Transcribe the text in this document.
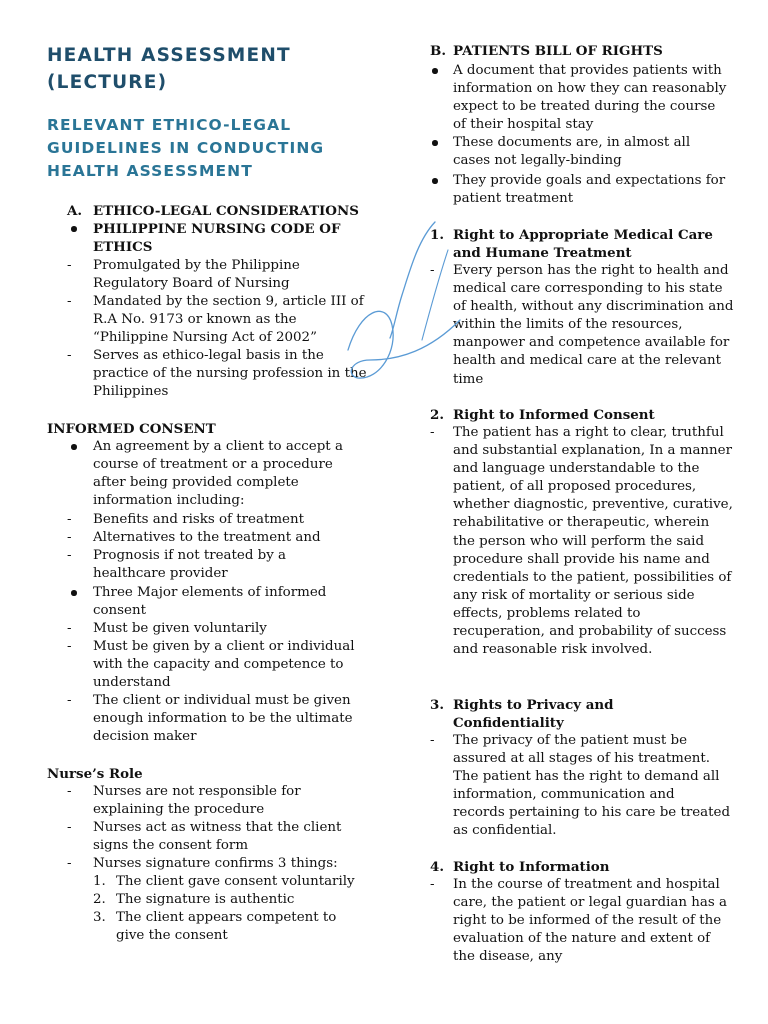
HEALTH ASSESSMENT (LECTURE)
RELEVANT ETHICO-LEGAL GUIDELINES IN CONDUCTING HEALTH ASSESSMENT
A. ETHICO-LEGAL CONSIDERATIONS
PHILIPPINE NURSING CODE OF ETHICS
- Promulgated by the Philippine Regulatory Board of Nursing
- Mandated by the section 9, article III of R.A No. 9173 or known as the “Philippine Nursing Act of 2002”
- Serves as ethico-legal basis in the practice of the nursing profession in the Philippines
INFORMED CONSENT
An agreement by a client to accept a course of treatment or a procedure after being provided complete information including:
- Benefits and risks of treatment
- Alternatives to the treatment and
- Prognosis if not treated by a healthcare provider
Three Major elements of informed consent
- Must be given voluntarily
- Must be given by a client or individual with the capacity and competence to understand
- The client or individual must be given enough information to be the ultimate decision maker
Nurse’s Role
- Nurses are not responsible for explaining the procedure
- Nurses act as witness that the client signs the consent form
- Nurses signature confirms 3 things:
1. The client gave consent voluntarily
2. The signature is authentic
3. The client appears competent to give the consent
B. PATIENTS BILL OF RIGHTS
A document that provides patients with information on how they can reasonably expect to be treated during the course of their hospital stay
These documents are, in almost all cases not legally-binding
They provide goals and expectations for patient treatment
1. Right to Appropriate Medical Care and Humane Treatment
- Every person has the right to health and medical care corresponding to his state of health, without any discrimination and within the limits of the resources, manpower and competence available for health and medical care at the relevant time
2. Right to Informed Consent
- The patient has a right to clear, truthful and substantial explanation, In a manner and language understandable to the patient, of all proposed procedures, whether diagnostic, preventive, curative, rehabilitative or therapeutic, wherein the person who will perform the said procedure shall provide his name and credentials to the patient, possibilities of any risk of mortality or serious side effects, problems related to recuperation, and probability of success and reasonable risk involved.
3. Rights to Privacy and Confidentiality
- The privacy of the patient must be assured at all stages of his treatment. The patient has the right to demand all information, communication and records pertaining to his care be treated as confidential.
4. Right to Information
- In the course of treatment and hospital care, the patient or legal guardian has a right to be informed of the result of the evaluation of the nature and extent of the disease, any
